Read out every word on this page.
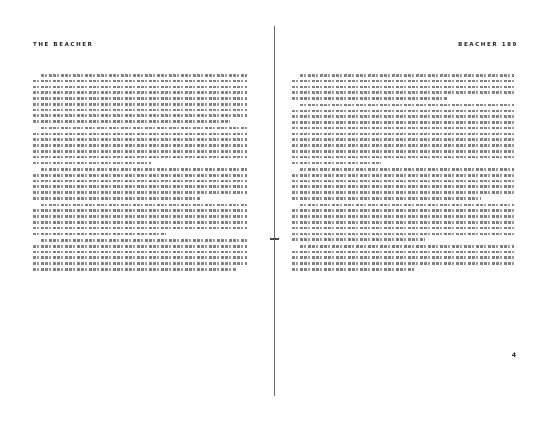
THE BEACHER	BEACHER 189
4
